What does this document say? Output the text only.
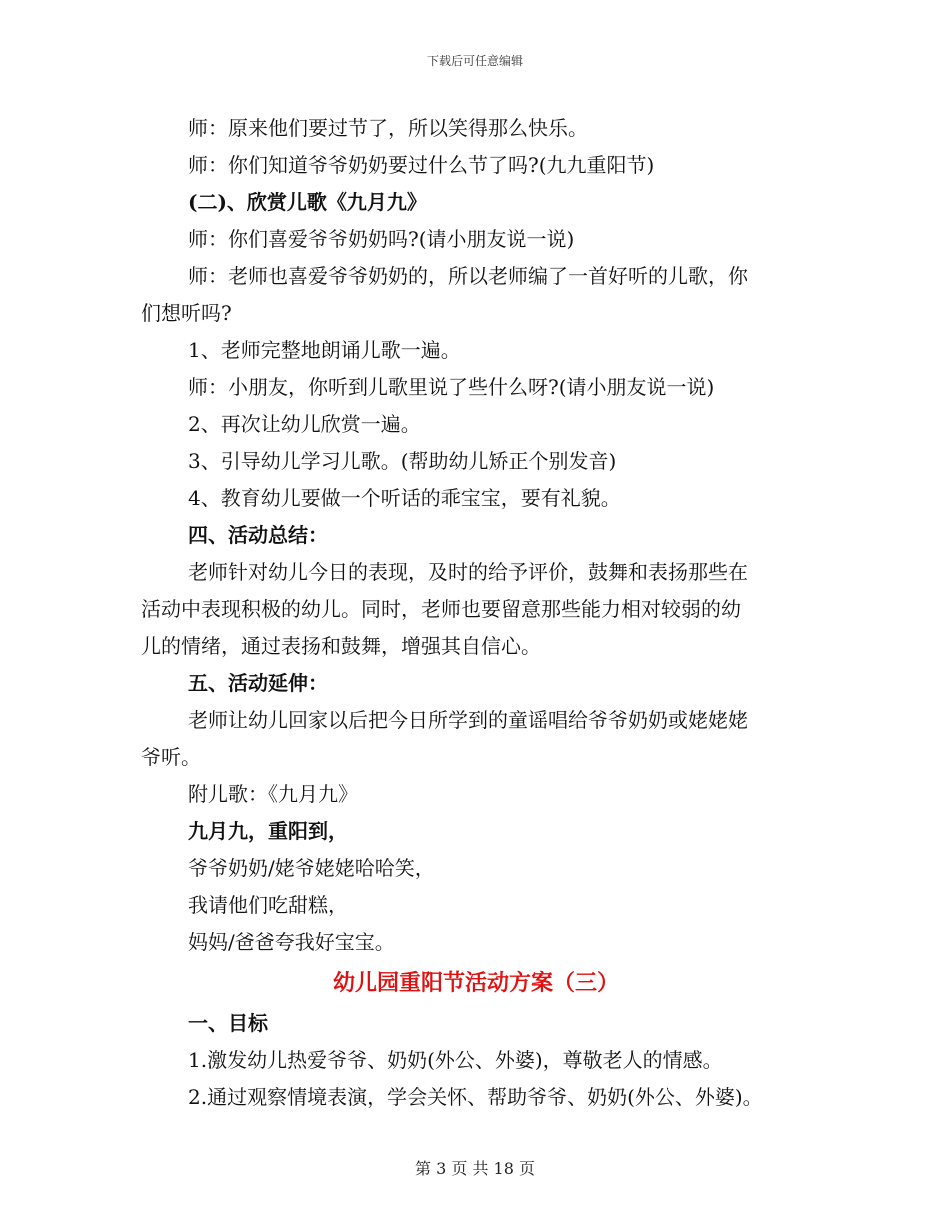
下载后可任意编辑
师：原来他们要过节了，所以笑得那么快乐。
师：你们知道爷爷奶奶要过什么节了吗?(九九重阳节)
(二)、欣赏儿歌《九月九》
师：你们喜爱爷爷奶奶吗?(请小朋友说一说)
师：老师也喜爱爷爷奶奶的，所以老师编了一首好听的儿歌，你
们想听吗?
1、老师完整地朗诵儿歌一遍。
师：小朋友，你听到儿歌里说了些什么呀?(请小朋友说一说)
2、再次让幼儿欣赏一遍。
3、引导幼儿学习儿歌。(帮助幼儿矫正个别发音)
4、教育幼儿要做一个听话的乖宝宝，要有礼貌。
四、活动总结：
老师针对幼儿今日的表现，及时的给予评价，鼓舞和表扬那些在
活动中表现积极的幼儿。同时，老师也要留意那些能力相对较弱的幼
儿的情绪，通过表扬和鼓舞，增强其自信心。
五、活动延伸：
老师让幼儿回家以后把今日所学到的童谣唱给爷爷奶奶或姥姥姥
爷听。
附儿歌：《九月九》
九月九，重阳到，
爷爷奶奶/姥爷姥姥哈哈笑，
我请他们吃甜糕，
妈妈/爸爸夸我好宝宝。
幼儿园重阳节活动方案（三）
一、目标
1.激发幼儿热爱爷爷、奶奶(外公、外婆)，尊敬老人的情感。
2.通过观察情境表演，学会关怀、帮助爷爷、奶奶(外公、外婆)。
第 3 页 共 18 页
